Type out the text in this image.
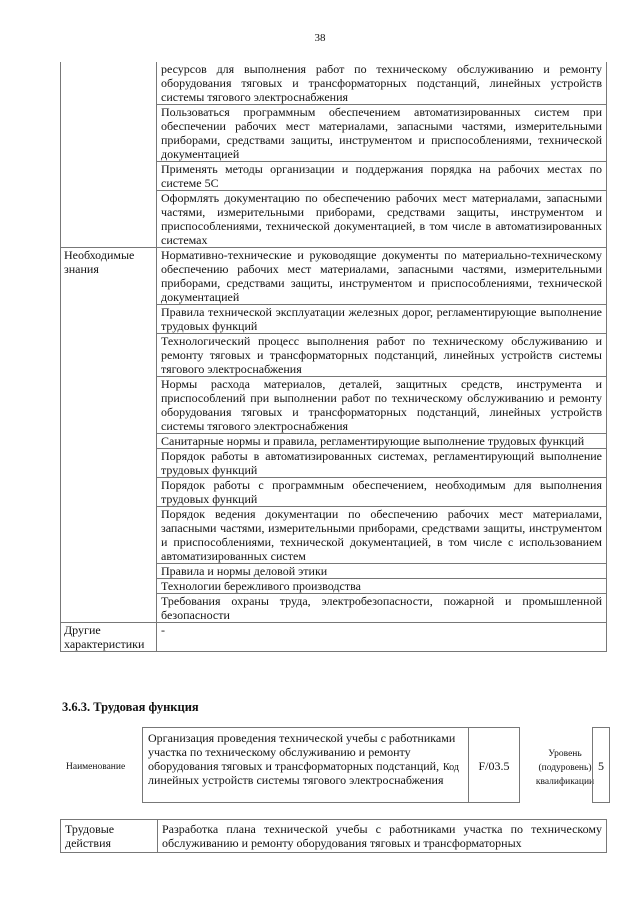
38
	ресурсов для выполнения работ по техническому обслуживанию и ремонту оборудования тяговых и трансформаторных подстанций, линейных устройств системы тягового электроснабжения
	Пользоваться программным обеспечением автоматизированных систем при обеспечении рабочих мест материалами, запасными частями, измерительными приборами, средствами защиты, инструментом и приспособлениями, технической документацией
	Применять методы организации и поддержания порядка на рабочих местах по системе 5С
	Оформлять документацию по обеспечению рабочих мест материалами, запасными частями, измерительными приборами, средствами защиты, инструментом и приспособлениями, технической документацией, в том числе в автоматизированных системах
Необходимые знания	Нормативно-технические и руководящие документы по материально-техническому обеспечению рабочих мест материалами, запасными частями, измерительными приборами, средствами защиты, инструментом и приспособлениями, технической документацией
	Правила технической эксплуатации железных дорог, регламентирующие выполнение трудовых функций
	Технологический процесс выполнения работ по техническому обслуживанию и ремонту тяговых и трансформаторных подстанций, линейных устройств системы тягового электроснабжения
	Нормы расхода материалов, деталей, защитных средств, инструмента и приспособлений при выполнении работ по техническому обслуживанию и ремонту оборудования тяговых и трансформаторных подстанций, линейных устройств системы тягового электроснабжения
	Санитарные нормы и правила, регламентирующие выполнение трудовых функций
	Порядок работы в автоматизированных системах, регламентирующий выполнение трудовых функций
	Порядок работы с программным обеспечением, необходимым для выполнения трудовых функций
	Порядок ведения документации по обеспечению рабочих мест материалами, запасными частями, измерительными приборами, средствами защиты, инструментом и приспособлениями, технической документацией, в том числе с использованием автоматизированных систем
	Правила и нормы деловой этики
	Технологии бережливого производства
	Требования охраны труда, электробезопасности, пожарной и промышленной безопасности
Другие характеристики	-
3.6.3. Трудовая функция
Наименование
Организация проведения технической учебы с работниками участка по техническому обслуживанию и ремонту оборудования тяговых и трансформаторных подстанций, линейных устройств системы тягового электроснабжения
Код	F/03.5
Уровень (подуровень) квалификации
5
Трудовые действия	Разработка плана технической учебы с работниками участка по техническому обслуживанию и ремонту оборудования тяговых и трансформаторных
